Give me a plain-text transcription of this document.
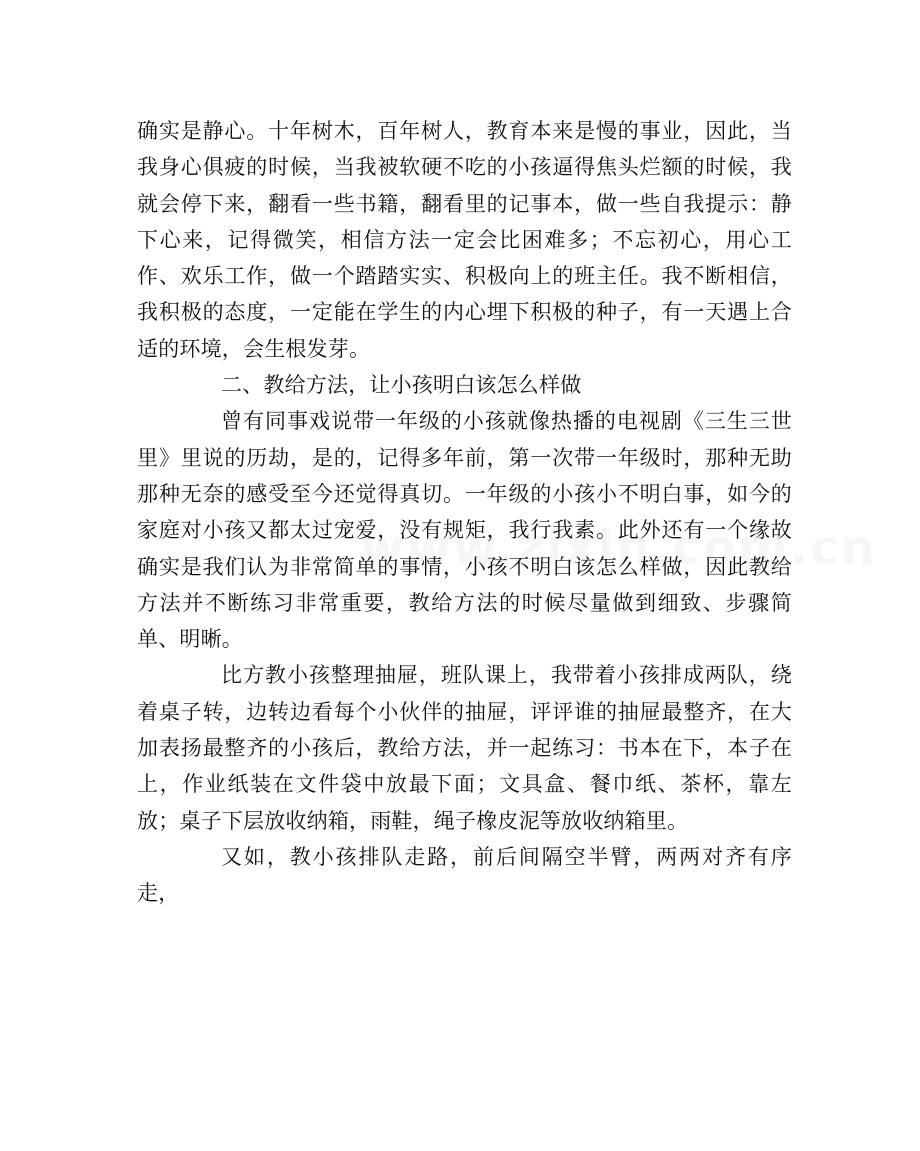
确实是静心。十年树木，百年树人，教育本来是慢的事业，因此，当我身心俱疲的时候，当我被软硬不吃的小孩逼得焦头烂额的时候，我就会停下来，翻看一些书籍，翻看里的记事本，做一些自我提示：静下心来，记得微笑，相信方法一定会比困难多；不忘初心，用心工作、欢乐工作，做一个踏踏实实、积极向上的班主任。我不断相信，我积极的态度，一定能在学生的内心埋下积极的种子，有一天遇上合适的环境，会生根发芽。

二、教给方法，让小孩明白该怎么样做

曾有同事戏说带一年级的小孩就像热播的电视剧《三生三世里》里说的历劫，是的，记得多年前，第一次带一年级时，那种无助那种无奈的感受至今还觉得真切。一年级的小孩小不明白事，如今的家庭对小孩又都太过宠爱，没有规矩，我行我素。此外还有一个缘故确实是我们认为非常简单的事情，小孩不明白该怎么样做，因此教给方法并不断练习非常重要，教给方法的时候尽量做到细致、步骤简单、明晰。

比方教小孩整理抽屉，班队课上，我带着小孩排成两队，绕着桌子转，边转边看每个小伙伴的抽屉，评评谁的抽屉最整齐，在大加表扬最整齐的小孩后，教给方法，并一起练习：书本在下，本子在上，作业纸装在文件袋中放最下面；文具盒、餐巾纸、茶杯，靠左放；桌子下层放收纳箱，雨鞋，绳子橡皮泥等放收纳箱里。

又如，教小孩排队走路，前后间隔空半臂，两两对齐有序走，
